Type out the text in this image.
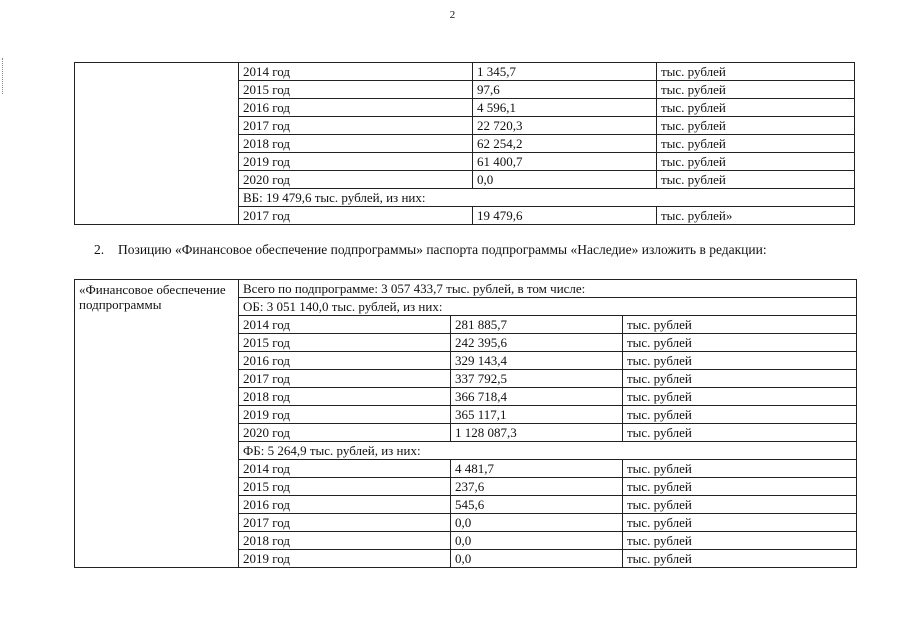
2
	2014 год	1 345,7	тыс. рублей
	2015 год	97,6	тыс. рублей
	2016 год	4 596,1	тыс. рублей
	2017 год	22 720,3	тыс. рублей
	2018 год	62 254,2	тыс. рублей
	2019 год	61 400,7	тыс. рублей
	2020 год	0,0	тыс. рублей
	ВБ: 19 479,6 тыс. рублей, из них:		
	2017 год	19 479,6	тыс. рублей»
2. Позицию «Финансовое обеспечение подпрограммы» паспорта подпрограммы «Наследие» изложить в редакции:
«Финансовое обеспечение подпрограммы	Всего по подпрограмме: 3 057 433,7 тыс. рублей, в том числе:		
	ОБ: 3 051 140,0 тыс. рублей, из них:		
	2014 год	281 885,7	тыс. рублей
	2015 год	242 395,6	тыс. рублей
	2016 год	329 143,4	тыс. рублей
	2017 год	337 792,5	тыс. рублей
	2018 год	366 718,4	тыс. рублей
	2019 год	365 117,1	тыс. рублей
	2020 год	1 128 087,3	тыс. рублей
	ФБ: 5 264,9 тыс. рублей, из них:		
	2014 год	4 481,7	тыс. рублей
	2015 год	237,6	тыс. рублей
	2016 год	545,6	тыс. рублей
	2017 год	0,0	тыс. рублей
	2018 год	0,0	тыс. рублей
	2019 год	0,0	тыс. рублей
